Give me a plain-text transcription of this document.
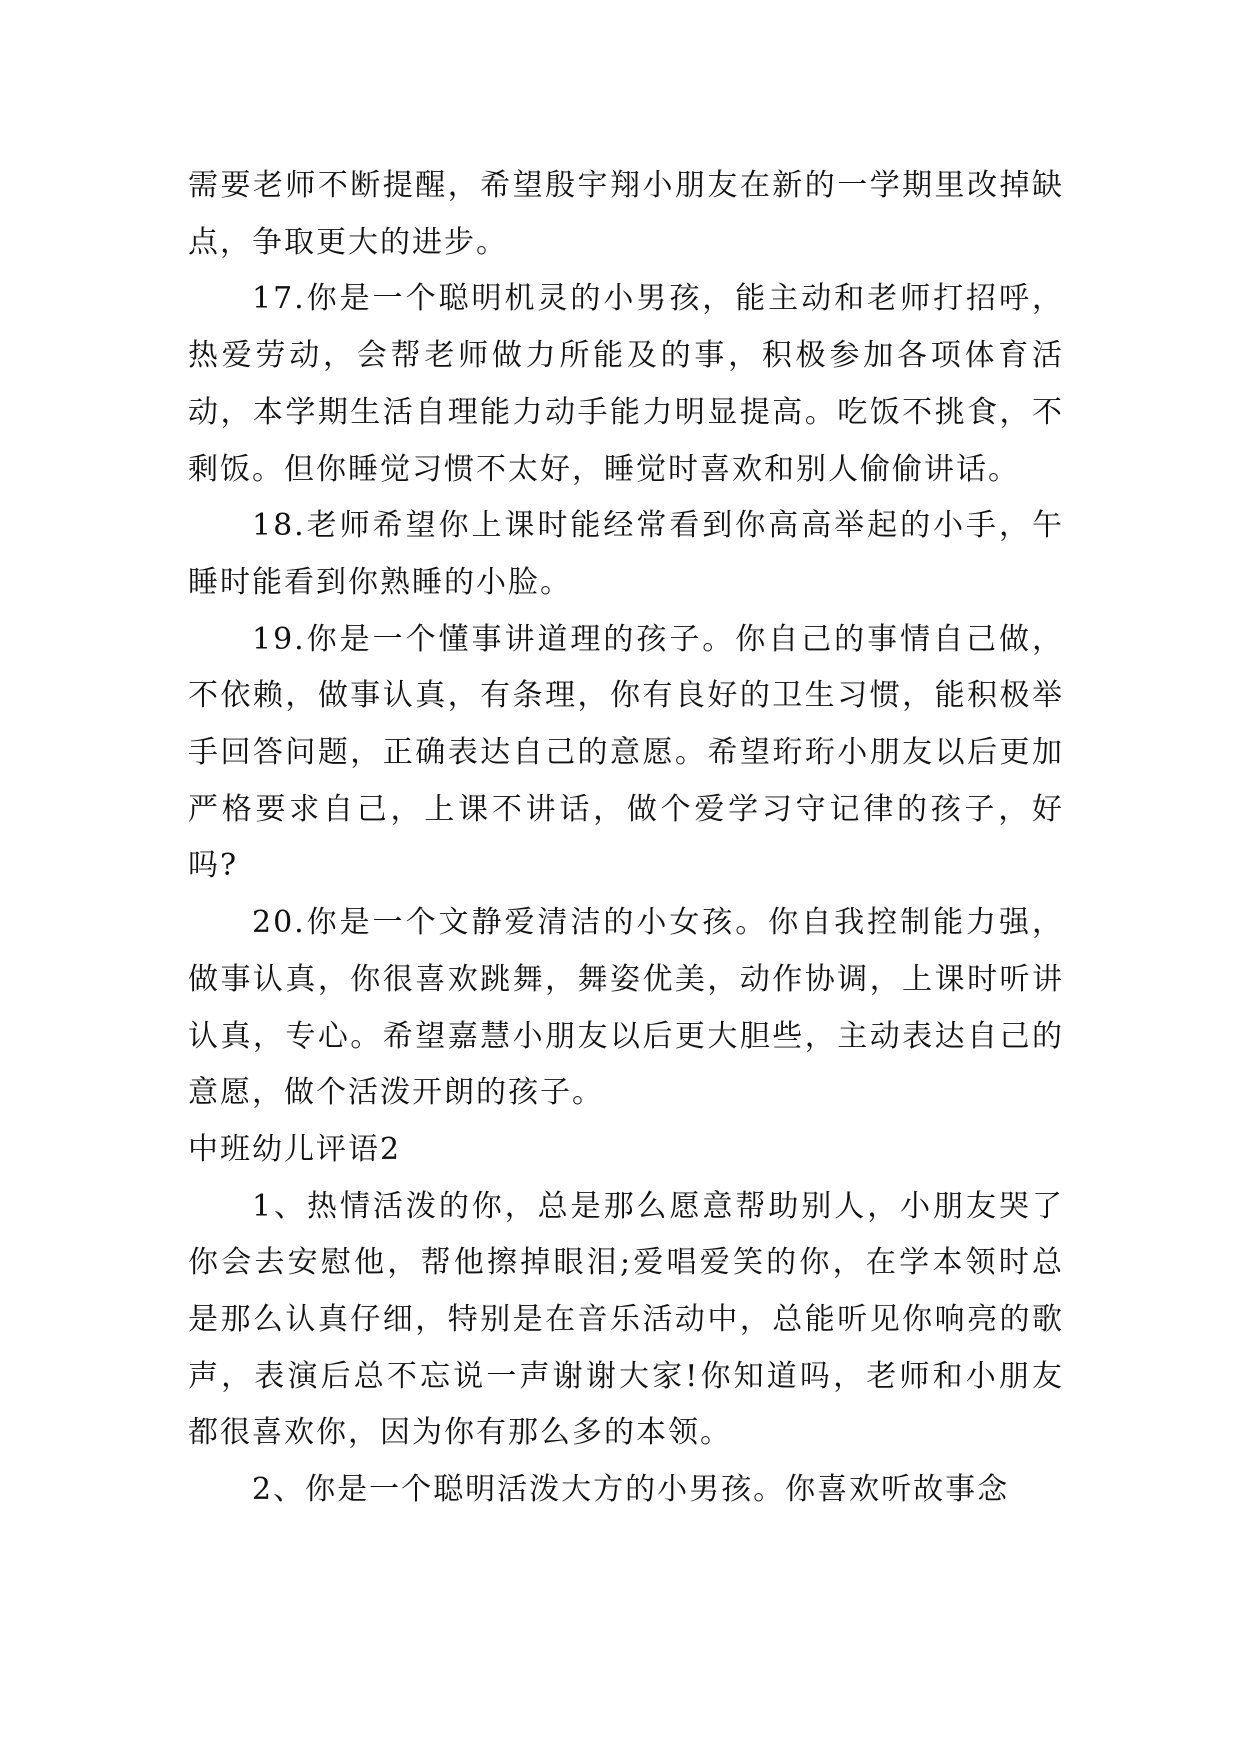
需要老师不断提醒，希望殷宇翔小朋友在新的一学期里改掉缺点，争取更大的进步。

17.你是一个聪明机灵的小男孩，能主动和老师打招呼，热爱劳动，会帮老师做力所能及的事，积极参加各项体育活动，本学期生活自理能力动手能力明显提高。吃饭不挑食，不剩饭。但你睡觉习惯不太好，睡觉时喜欢和别人偷偷讲话。

18.老师希望你上课时能经常看到你高高举起的小手，午睡时能看到你熟睡的小脸。

19.你是一个懂事讲道理的孩子。你自己的事情自己做，不依赖，做事认真，有条理，你有良好的卫生习惯，能积极举手回答问题，正确表达自己的意愿。希望珩珩小朋友以后更加严格要求自己，上课不讲话，做个爱学习守记律的孩子，好吗?

20.你是一个文静爱清洁的小女孩。你自我控制能力强，做事认真，你很喜欢跳舞，舞姿优美，动作协调，上课时听讲认真，专心。希望嘉慧小朋友以后更大胆些，主动表达自己的意愿，做个活泼开朗的孩子。

中班幼儿评语2

1、热情活泼的你，总是那么愿意帮助别人，小朋友哭了你会去安慰他，帮他擦掉眼泪;爱唱爱笑的你，在学本领时总是那么认真仔细，特别是在音乐活动中，总能听见你响亮的歌声，表演后总不忘说一声谢谢大家!你知道吗，老师和小朋友都很喜欢你，因为你有那么多的本领。

2、你是一个聪明活泼大方的小男孩。你喜欢听故事念
